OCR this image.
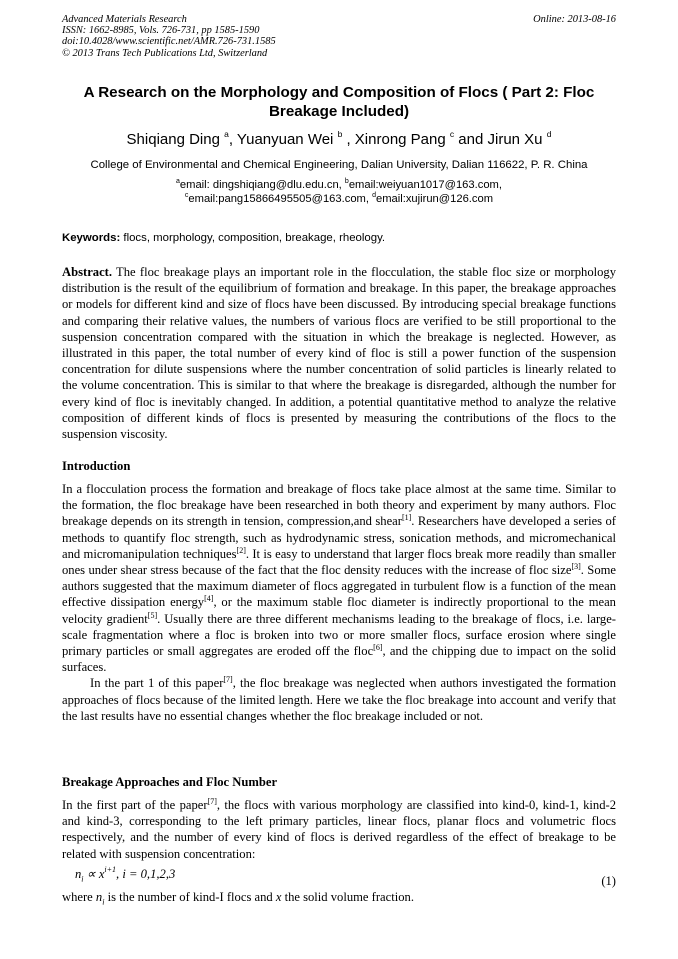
Advanced Materials Research
ISSN: 1662-8985, Vols. 726-731, pp 1585-1590
doi:10.4028/www.scientific.net/AMR.726-731.1585
© 2013 Trans Tech Publications Ltd, Switzerland
Online: 2013-08-16
A Research on the Morphology and Composition of Flocs ( Part 2: Floc Breakage Included)
Shiqiang Ding $^a$, Yuanyuan Wei $^b$ , Xinrong Pang $^c$ and Jirun Xu $^d$
College of Environmental and Chemical Engineering, Dalian University, Dalian 116622, P. R. China
$^a$email: dingshiqiang@dlu.edu.cn, $^b$email:weiyuan1017@163.com,
$^c$email:pang15866495505@163.com, $^d$email:xujirun@126.com
Keywords: flocs, morphology, composition, breakage, rheology.
Abstract. The floc breakage plays an important role in the flocculation, the stable floc size or morphology distribution is the result of the equilibrium of formation and breakage. In this paper, the breakage approaches or models for different kind and size of flocs have been discussed. By introducing special breakage functions and comparing their relative values, the numbers of various flocs are verified to be still proportional to the suspension concentration compared with the situation in which the breakage is neglected. However, as illustrated in this paper, the total number of every kind of floc is still a power function of the suspension concentration for dilute suspensions where the number concentration of solid particles is linearly related to the volume concentration. This is similar to that where the breakage is disregarded, although the number for every kind of floc is inevitably changed. In addition, a potential quantitative method to analyze the relative composition of different kinds of flocs is presented by measuring the contributions of the flocs to the suspension viscosity.
Introduction
In a flocculation process the formation and breakage of flocs take place almost at the same time. Similar to the formation, the floc breakage have been researched in both theory and experiment by many authors. Floc breakage depends on its strength in tension, compression,and shear[1]. Researchers have developed a series of methods to quantify floc strength, such as hydrodynamic stress, sonication methods, and micromechanical and micromanipulation techniques[2]. It is easy to understand that larger flocs break more readily than smaller ones under shear stress because of the fact that the floc density reduces with the increase of floc size[3]. Some authors suggested that the maximum diameter of flocs aggregated in turbulent flow is a function of the mean effective dissipation energy[4], or the maximum stable floc diameter is indirectly proportional to the mean velocity gradient[5]. Usually there are three different mechanisms leading to the breakage of flocs, i.e. large-scale fragmentation where a floc is broken into two or more smaller flocs, surface erosion where single primary particles or small aggregates are eroded off the floc[6], and the chipping due to impact on the solid surfaces.
In the part 1 of this paper[7], the floc breakage was neglected when authors investigated the formation approaches of flocs because of the limited length. Here we take the floc breakage into account and verify that the last results have no essential changes whether the floc breakage included or not.
Breakage Approaches and Floc Number
In the first part of the paper[7], the flocs with various morphology are classified into kind-0, kind-1, kind-2 and kind-3, corresponding to the left primary particles, linear flocs, planar flocs and volumetric flocs respectively, and the number of every kind of flocs is derived regardless of the effect of breakage to be related with suspension concentration:
$n_i \propto x^{i+1}$, i = 0,1,2,3	(1)
where $n_i$ is the number of kind-I flocs and x the solid volume fraction.
